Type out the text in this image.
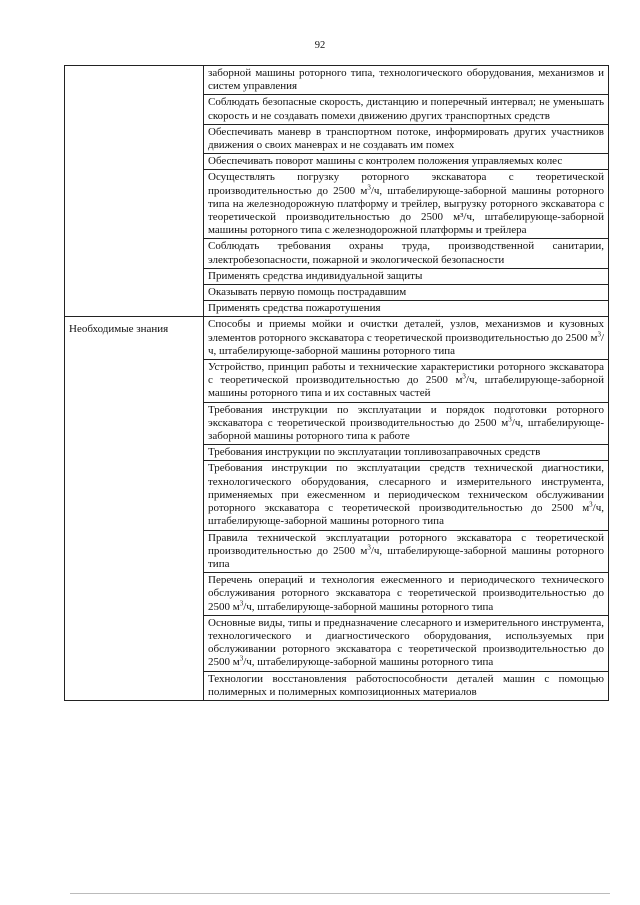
92

	заборной машины роторного типа, технологического оборудования, механизмов и систем управления

	Соблюдать безопасные скорость, дистанцию и поперечный интервал; не уменьшать скорость и не создавать помехи движению других транспортных средств

	Обеспечивать маневр в транспортном потоке, информировать других участников движения о своих маневрах и не создавать им помех

	Обеспечивать поворот машины с контролем положения управляемых колес

	Осуществлять погрузку роторного экскаватора с теоретической производительностью до 2500 $м^3/ч$, штабелирующе-заборной машины роторного типа на железнодорожную платформу и трейлер, выгрузку роторного экскаватора с теоретической производительностью до 2500 м³/ч, штабелирующе-заборной машины роторного типа с железнодорожной платформы и трейлера

	Соблюдать требования охраны труда, производственной санитарии, электробезопасности, пожарной и экологической безопасности

	Применять средства индивидуальной защиты

	Оказывать первую помощь пострадавшим

	Применять средства пожаротушения

Необходимые знания	Способы и приемы мойки и очистки деталей, узлов, механизмов и кузовных элементов роторного экскаватора с теоретической производительностью до 2500 $м^3/ч$, штабелирующе-заборной машины роторного типа

	Устройство, принцип работы и технические характеристики роторного экскаватора с теоретической производительностью до 2500 $м^3/ч$, штабелирующе-заборной машины роторного типа и их составных частей

	Требования инструкции по эксплуатации и порядок подготовки роторного экскаватора с теоретической производительностью до 2500 $м^3/ч$, штабелирующе-заборной машины роторного типа к работе

	Требования инструкции по эксплуатации топливозаправочных средств

	Требования инструкции по эксплуатации средств технической диагностики, технологического оборудования, слесарного и измерительного инструмента, применяемых при ежесменном и периодическом техническом обслуживании роторного экскаватора с теоретической производительностью до 2500 $м^3/ч$, штабелирующе-заборной машины роторного типа

	Правила технической эксплуатации роторного экскаватора с теоретической производительностью до 2500 $м^3/ч$, штабелирующе-заборной машины роторного типа

	Перечень операций и технология ежесменного и периодического технического обслуживания роторного экскаватора с теоретической производительностью до 2500 $м^3/ч$, штабелирующе-заборной машины роторного типа

	Основные виды, типы и предназначение слесарного и измерительного инструмента, технологического и диагностического оборудования, используемых при обслуживании роторного экскаватора с теоретической производительностью до 2500 $м^3/ч$, штабелирующе-заборной машины роторного типа

	Технологии восстановления работоспособности деталей машин с помощью полимерных и полимерных композиционных материалов
